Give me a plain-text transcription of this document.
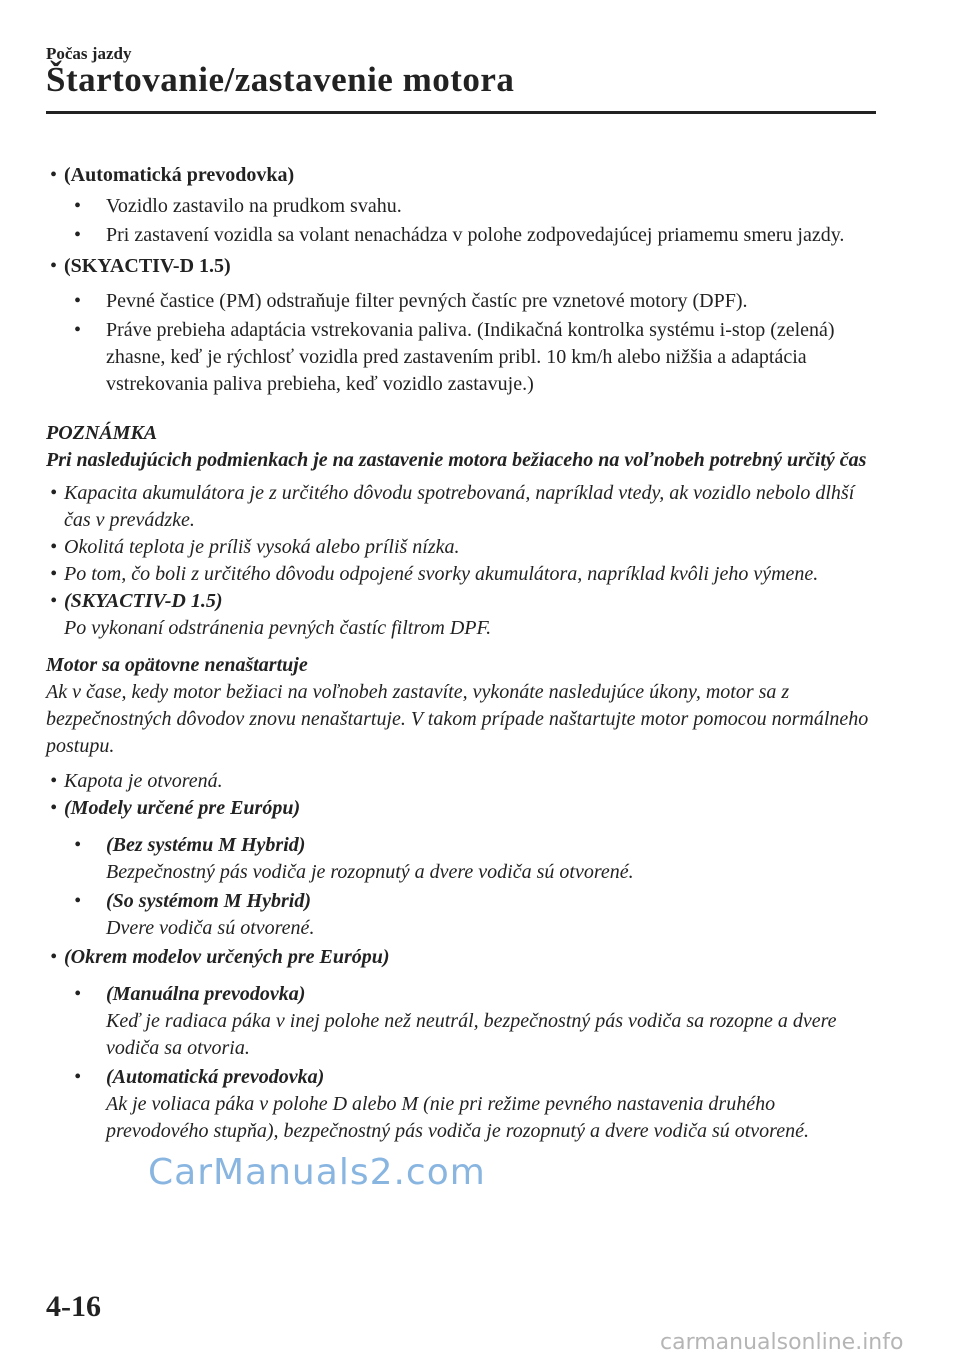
Počas jazdy
Štartovanie/zastavenie motora
• (Automatická prevodovka)
• Vozidlo zastavilo na prudkom svahu.
• Pri zastavení vozidla sa volant nenachádza v polohe zodpovedajúcej priamemu smeru jazdy.
• (SKYACTIV-D 1.5)
• Pevné častice (PM) odstraňuje filter pevných častíc pre vznetové motory (DPF).
• Práve prebieha adaptácia vstrekovania paliva. (Indikačná kontrolka systému i-stop (zelená) zhasne, keď je rýchlosť vozidla pred zastavením pribl. 10 km/h alebo nižšia a adaptácia vstrekovania paliva prebieha, keď vozidlo zastavuje.)
POZNÁMKA
Pri nasledujúcich podmienkach je na zastavenie motora bežiaceho na voľnobeh potrebný určitý čas
• Kapacita akumulátora je z určitého dôvodu spotrebovaná, napríklad vtedy, ak vozidlo nebolo dlhší čas v prevádzke.
• Okolitá teplota je príliš vysoká alebo príliš nízka.
• Po tom, čo boli z určitého dôvodu odpojené svorky akumulátora, napríklad kvôli jeho výmene.
• (SKYACTIV-D 1.5)
Po vykonaní odstránenia pevných častíc filtrom DPF.
Motor sa opätovne nenaštartuje
Ak v čase, kedy motor bežiaci na voľnobeh zastavíte, vykonáte nasledujúce úkony, motor sa z bezpečnostných dôvodov znovu nenaštartuje. V takom prípade naštartujte motor pomocou normálneho postupu.
• Kapota je otvorená.
• (Modely určené pre Európu)
• (Bez systému M Hybrid)
Bezpečnostný pás vodiča je rozopnutý a dvere vodiča sú otvorené.
• (So systémom M Hybrid)
Dvere vodiča sú otvorené.
• (Okrem modelov určených pre Európu)
• (Manuálna prevodovka)
Keď je radiaca páka v inej polohe než neutrál, bezpečnostný pás vodiča sa rozopne a dvere vodiča sa otvoria.
• (Automatická prevodovka)
Ak je voliaca páka v polohe D alebo M (nie pri režime pevného nastavenia druhého prevodového stupňa), bezpečnostný pás vodiča je rozopnutý a dvere vodiča sú otvorené.
CarManuals2.com
4-16
carmanualsonline.info
